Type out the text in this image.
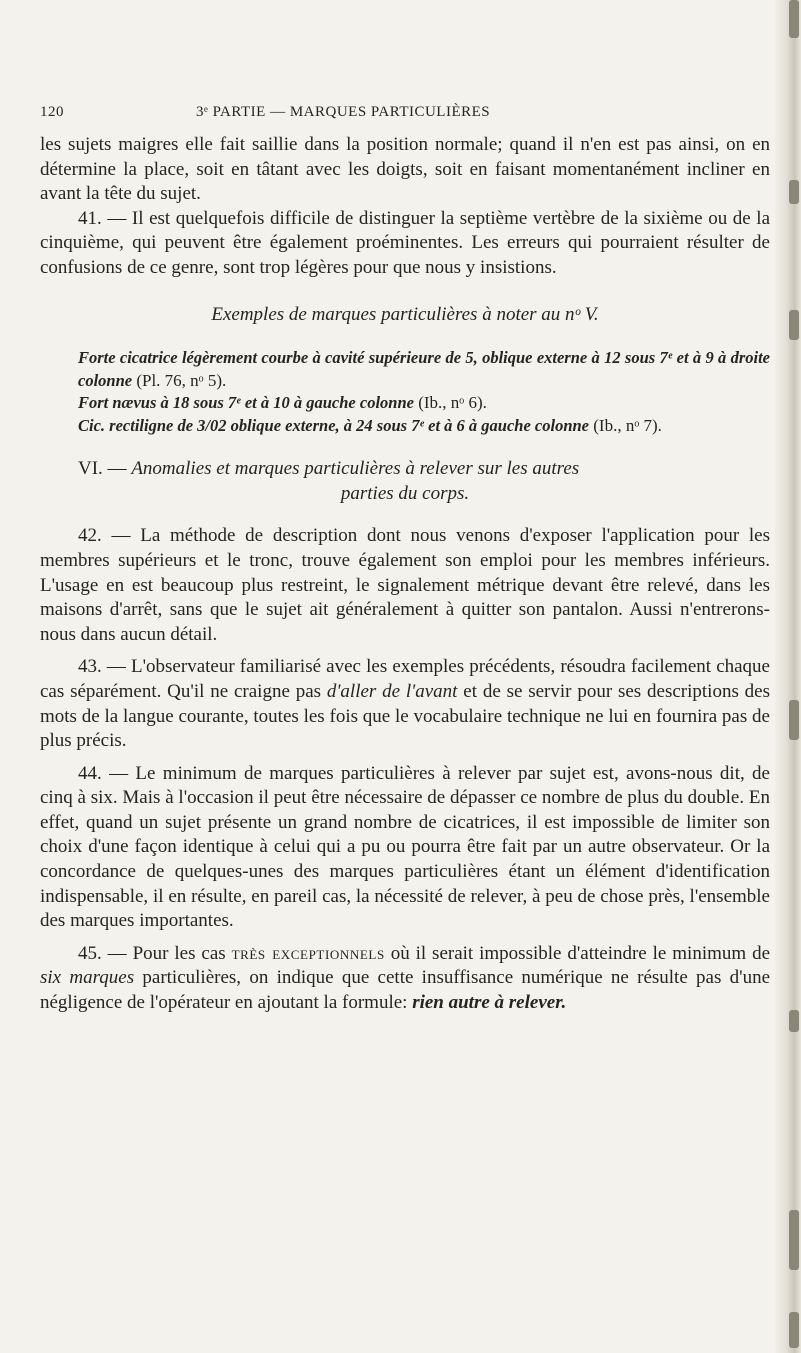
120	3ᵉ PARTIE — MARQUES PARTICULIÈRES

les sujets maigres elle fait saillie dans la position normale; quand il n'en est pas ainsi, on en détermine la place, soit en tâtant avec les doigts, soit en faisant momentanément incliner en avant la tête du sujet.

41. — Il est quelquefois difficile de distinguer la septième vertèbre de la sixième ou de la cinquième, qui peuvent être également proéminentes. Les erreurs qui pourraient résulter de confusions de ce genre, sont trop légères pour que nous y insistions.

Exemples de marques particulières à noter au nᵒ V.

Forte cicatrice légèrement courbe à cavité supérieure de 5, oblique externe à 12 sous 7ᵉ et à 9 à droite colonne (Pl. 76, nᵒ 5).

Fort nævus à 18 sous 7ᵉ et à 10 à gauche colonne (Ib., nᵒ 6).

Cic. rectiligne de 3/02 oblique externe, à 24 sous 7ᵉ et à 6 à gauche colonne (Ib., nᵒ 7).

VI. — Anomalies et marques particulières à relever sur les autres
parties du corps.

42. — La méthode de description dont nous venons d'exposer l'application pour les membres supérieurs et le tronc, trouve également son emploi pour les membres inférieurs. L'usage en est beaucoup plus restreint, le signalement métrique devant être relevé, dans les maisons d'arrêt, sans que le sujet ait généralement à quitter son pantalon. Aussi n'entrerons-nous dans aucun détail.

43. — L'observateur familiarisé avec les exemples précédents, résoudra facilement chaque cas séparément. Qu'il ne craigne pas d'aller de l'avant et de se servir pour ses descriptions des mots de la langue courante, toutes les fois que le vocabulaire technique ne lui en fournira pas de plus précis.

44. — Le minimum de marques particulières à relever par sujet est, avons-nous dit, de cinq à six. Mais à l'occasion il peut être nécessaire de dépasser ce nombre de plus du double. En effet, quand un sujet présente un grand nombre de cicatrices, il est impossible de limiter son choix d'une façon identique à celui qui a pu ou pourra être fait par un autre observateur. Or la concordance de quelques-unes des marques particulières étant un élément d'identification indispensable, il en résulte, en pareil cas, la nécessité de relever, à peu de chose près, l'ensemble des marques importantes.

45. — Pour les cas très exceptionnels où il serait impossible d'atteindre le minimum de six marques particulières, on indique que cette insuffisance numérique ne résulte pas d'une négligence de l'opérateur en ajoutant la formule: rien autre à relever.
